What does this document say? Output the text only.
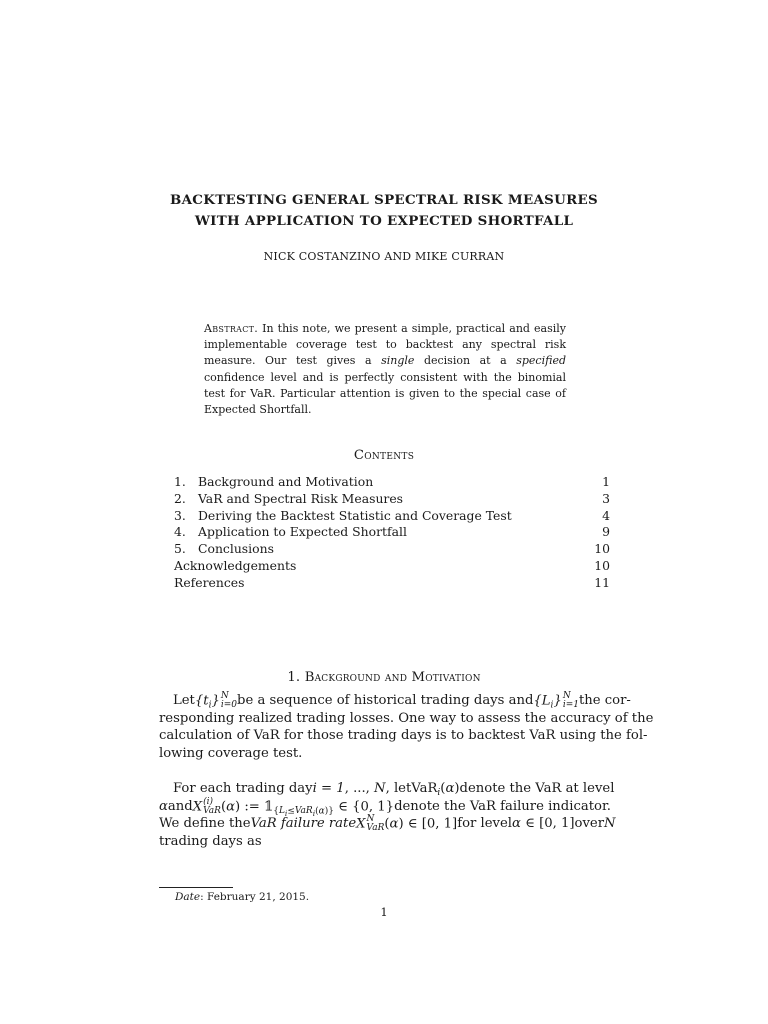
BACKTESTING GENERAL SPECTRAL RISK MEASURES
WITH APPLICATION TO EXPECTED SHORTFALL
NICK COSTANZINO AND MIKE CURRAN
Abstract. In this note, we present a simple, practical and easily implementable coverage test to backtest any spectral risk measure. Our test gives a single decision at a specified confidence level and is perfectly consistent with the binomial test for VaR. Particular attention is given to the special case of Expected Shortfall.
Contents
1. Background and Motivation	1
2. VaR and Spectral Risk Measures	3
3. Deriving the Backtest Statistic and Coverage Test	4
4. Application to Expected Shortfall	9
5. Conclusions	10
Acknowledgements	10
References	11
1. Background and Motivation
Let $\{t_i\}$ N
i=0 be a sequence of historical trading days and $\{L_i\}$ N
i=1 the cor-
responding realized trading losses. One way to assess the accuracy of the
calculation of VaR for those trading days is to backtest VaR using the fol-
lowing coverage test.
For each trading day i = 1, ..., N , let VaR$_i$(α) denote the VaR at level
α and X (i)
VaR (α) := $𝟙_{\{L_i\le VaR_i(\alpha)\}}$ ∈ {0, 1} denote the VaR failure indicator.
We define the VaR failure rate X N
VaR (α) ∈ [0, 1] for level α ∈ [0, 1] over N
trading days as
Date: February 21, 2015.
1
